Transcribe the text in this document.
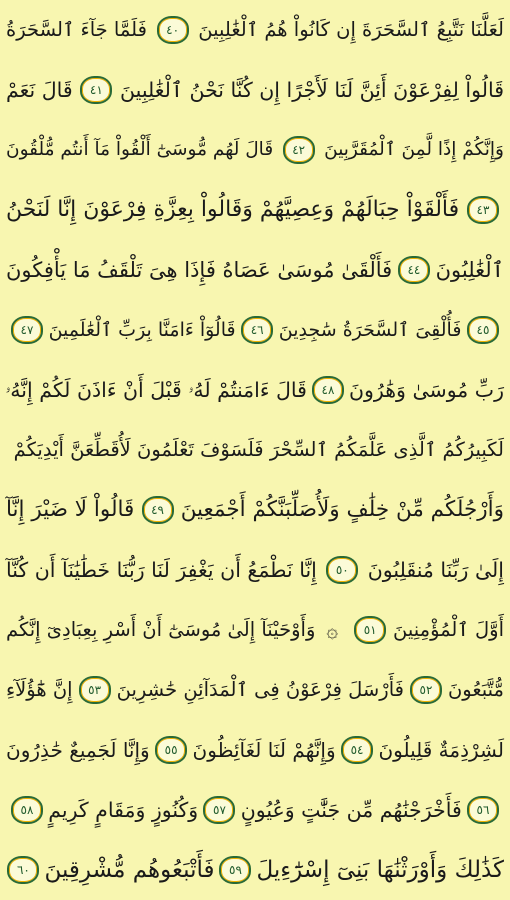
لَعَلَّنَا نَتَّبِعُ ٱلسَّحَرَةَ إِن كَانُواْ هُمُ ٱلْغَٰلِبِينَ
٤٠
فَلَمَّا جَآءَ ٱلسَّحَرَةُ
قَالُواْ لِفِرْعَوْنَ أَئِنَّ لَنَا لَأَجْرًا إِن كُنَّا نَحْنُ ٱلْغَٰلِبِينَ
٤١
قَالَ نَعَمْ
وَإِنَّكُمْ إِذًا لَّمِنَ ٱلْمُقَرَّبِينَ
٤٢
قَالَ لَهُم مُّوسَىٰٓ أَلْقُواْ مَآ أَنتُم مُّلْقُونَ
٤٣
فَأَلْقَوْاْ حِبَالَهُمْ وَعِصِيَّهُمْ وَقَالُواْ بِعِزَّةِ فِرْعَوْنَ إِنَّا لَنَحْنُ
ٱلْغَٰلِبُونَ
٤٤
فَأَلْقَىٰ مُوسَىٰ عَصَاهُ فَإِذَا هِىَ تَلْقَفُ مَا يَأْفِكُونَ
٤٥
فَأُلْقِىَ ٱلسَّحَرَةُ سَٰجِدِينَ
٤٦
قَالُوٓاْ ءَامَنَّا بِرَبِّ ٱلْعَٰلَمِينَ
٤٧
رَبِّ مُوسَىٰ وَهَٰرُونَ
٤٨
قَالَ ءَامَنتُمْ لَهُۥ قَبْلَ أَنْ ءَاذَنَ لَكُمْ إِنَّهُۥ
لَكَبِيرُكُمُ ٱلَّذِى عَلَّمَكُمُ ٱلسِّحْرَ فَلَسَوْفَ تَعْلَمُونَ لَأُقَطِّعَنَّ أَيْدِيَكُمْ
وَأَرْجُلَكُم مِّنْ خِلَٰفٍ وَلَأُصَلِّبَنَّكُمْ أَجْمَعِينَ
٤٩
قَالُواْ لَا ضَيْرَ إِنَّآ
إِلَىٰ رَبِّنَا مُنقَلِبُونَ
٥٠
إِنَّا نَطْمَعُ أَن يَغْفِرَ لَنَا رَبُّنَا خَطَٰيَٰنَآ أَن كُنَّآ
أَوَّلَ ٱلْمُؤْمِنِينَ
٥١
۞
وَأَوْحَيْنَآ إِلَىٰ مُوسَىٰٓ أَنْ أَسْرِ بِعِبَادِىٓ إِنَّكُم
مُّتَّبَعُونَ
٥٢
فَأَرْسَلَ فِرْعَوْنُ فِى ٱلْمَدَآئِنِ حَٰشِرِينَ
٥٣
إِنَّ هَٰٓؤُلَآءِ
لَشِرْذِمَةٌ قَلِيلُونَ
٥٤
وَإِنَّهُمْ لَنَا لَغَآئِظُونَ
٥٥
وَإِنَّا لَجَمِيعٌ حَٰذِرُونَ
٥٦
فَأَخْرَجْنَٰهُم مِّن جَنَّٰتٍ وَعُيُونٍ
٥٧
وَكُنُوزٍ وَمَقَامٍ كَرِيمٍ
٥٨
كَذَٰلِكَ وَأَوْرَثْنَٰهَا بَنِىٓ إِسْرَٰٓءِيلَ
٥٩
فَأَتْبَعُوهُم مُّشْرِقِينَ
٦٠
